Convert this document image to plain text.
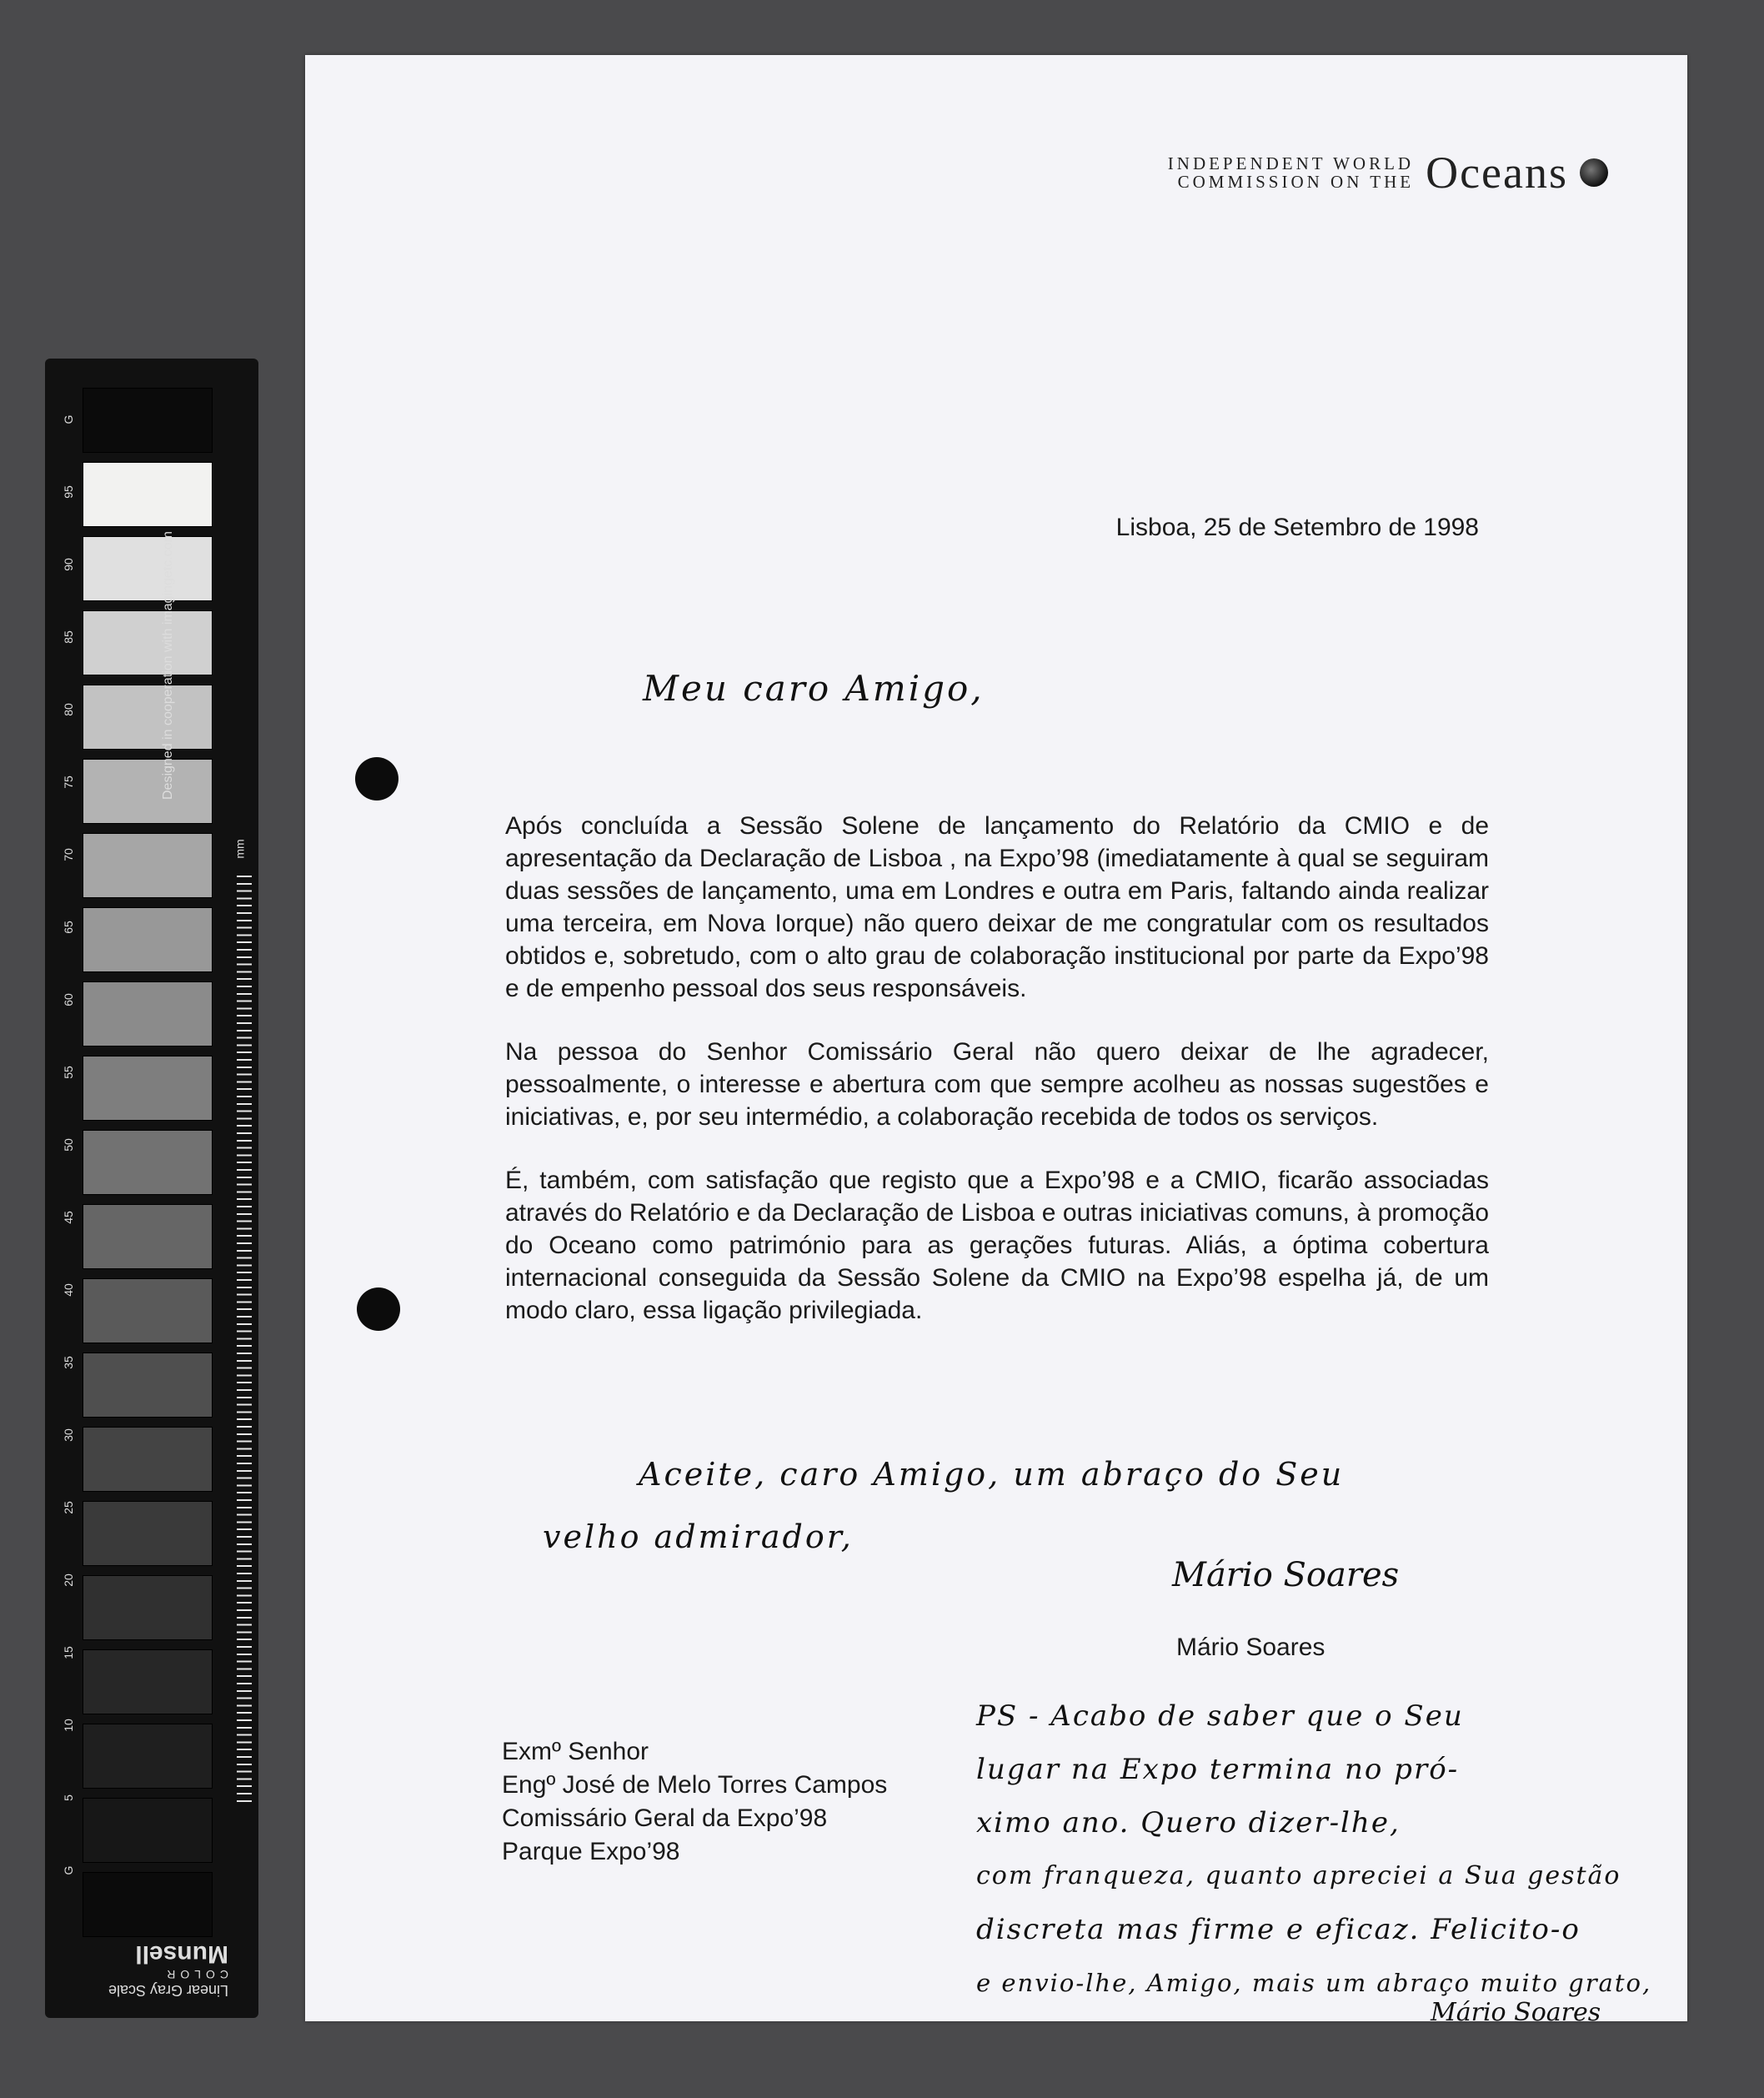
G
95
90
85
80
75
70
65
60
55
50
45
40
35
30
25
20
15
10
5
G
Designed in cooperation with imagingetc.com
mm
Linear Gray Scale
COLOR
Munsell
INDEPENDENT WORLD
COMMISSION ON THE Oceans
Lisboa, 25 de Setembro de 1998
Meu caro Amigo,

Após concluída a Sessão Solene de lançamento do Relatório da CMIO e de apresentação da Declaração de Lisboa , na Expo’98 (imediatamente à qual se seguiram duas sessões de lançamento, uma em Londres e outra em Paris, faltando ainda realizar uma terceira, em Nova Iorque) não quero deixar de me congratular com os resultados obtidos e, sobretudo, com o alto grau de colaboração institucional por parte da Expo’98 e de empenho pessoal dos seus responsáveis.

Na pessoa do Senhor Comissário Geral não quero deixar de lhe agradecer, pessoalmente, o interesse e abertura com que sempre acolheu as nossas sugestões e iniciativas, e, por seu intermédio, a colaboração recebida de todos os serviços.

É, também, com satisfação que registo que a Expo’98 e a CMIO, ficarão associadas através do Relatório e da Declaração de Lisboa e outras iniciativas comuns, à promoção do Oceano como património para as gerações futuras. Aliás, a óptima cobertura internacional conseguida da Sessão Solene da CMIO na Expo’98 espelha já, de um modo claro, essa ligação privilegiada.

Aceite, caro Amigo, um abraço do Seu
velho admirador,
Mário Soares
Mário Soares
Exmº Senhor
Engº José de Melo Torres Campos
Comissário Geral da Expo’98
Parque Expo’98
PS - Acabo de saber que o Seu
lugar na Expo termina no pró-
ximo ano. Quero dizer-lhe,
com franqueza, quanto apreciei a Sua gestão
discreta mas firme e eficaz. Felicito-o
e envio-lhe, Amigo, mais um abraço muito grato,
Mário Soares
